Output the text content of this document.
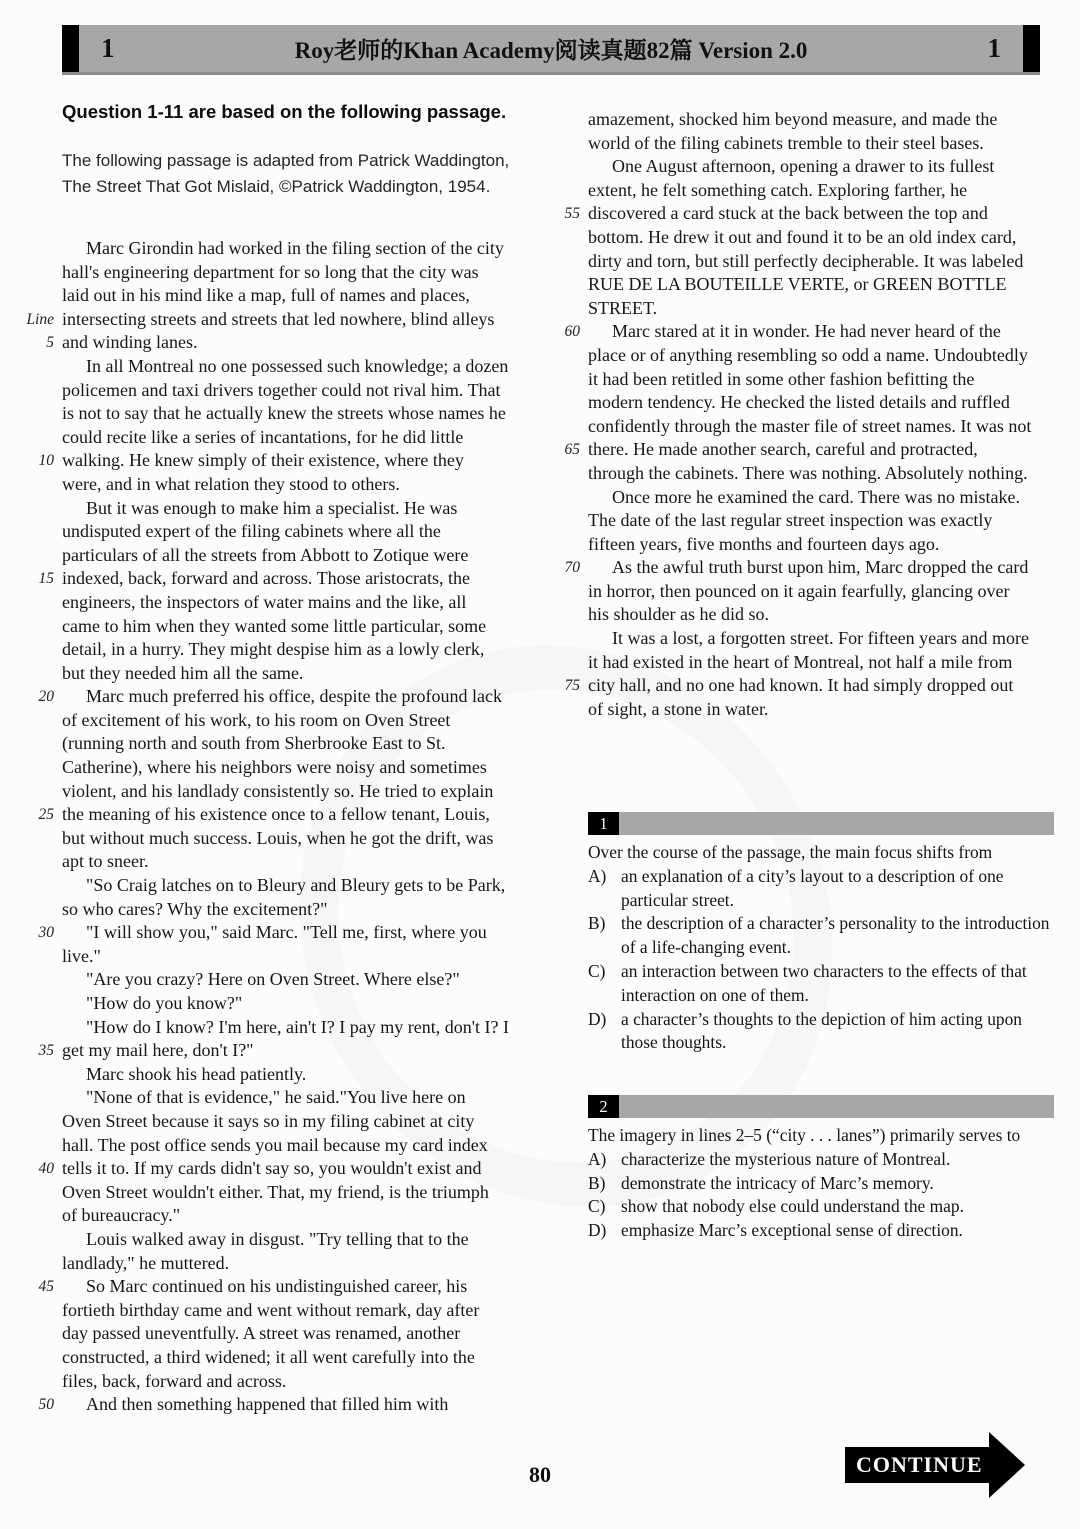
1	Roy老师的Khan Academy阅读真题82篇 Version 2.0	1
Question 1-11 are based on the following passage.

The following passage is adapted from Patrick Waddington, The Street That Got Mislaid, ©Patrick Waddington, 1954.

Marc Girondin had worked in the filing section of the city
hall's engineering department for so long that the city was
laid out in his mind like a map, full of names and places,
Line intersecting streets and streets that led nowhere, blind alleys
5 and winding lanes.
In all Montreal no one possessed such knowledge; a dozen
policemen and taxi drivers together could not rival him. That
is not to say that he actually knew the streets whose names he
could recite like a series of incantations, for he did little
10 walking. He knew simply of their existence, where they
were, and in what relation they stood to others.
But it was enough to make him a specialist. He was
undisputed expert of the filing cabinets where all the
particulars of all the streets from Abbott to Zotique were
15 indexed, back, forward and across. Those aristocrats, the
engineers, the inspectors of water mains and the like, all
came to him when they wanted some little particular, some
detail, in a hurry. They might despise him as a lowly clerk,
but they needed him all the same.
20 Marc much preferred his office, despite the profound lack
of excitement of his work, to his room on Oven Street
(running north and south from Sherbrooke East to St.
Catherine), where his neighbors were noisy and sometimes
violent, and his landlady consistently so. He tried to explain
25 the meaning of his existence once to a fellow tenant, Louis,
but without much success. Louis, when he got the drift, was
apt to sneer.
"So Craig latches on to Bleury and Bleury gets to be Park,
so who cares? Why the excitement?"
30 "I will show you," said Marc. "Tell me, first, where you
live."
"Are you crazy? Here on Oven Street. Where else?"
"How do you know?"
"How do I know? I'm here, ain't I? I pay my rent, don't I? I
35 get my mail here, don't I?"
Marc shook his head patiently.
"None of that is evidence," he said."You live here on
Oven Street because it says so in my filing cabinet at city
hall. The post office sends you mail because my card index
40 tells it to. If my cards didn't say so, you wouldn't exist and
Oven Street wouldn't either. That, my friend, is the triumph
of bureaucracy."
Louis walked away in disgust. "Try telling that to the
landlady," he muttered.
45 So Marc continued on his undistinguished career, his
fortieth birthday came and went without remark, day after
day passed uneventfully. A street was renamed, another
constructed, a third widened; it all went carefully into the
files, back, forward and across.
50 And then something happened that filled him with
amazement, shocked him beyond measure, and made the
world of the filing cabinets tremble to their steel bases.
One August afternoon, opening a drawer to its fullest
extent, he felt something catch. Exploring farther, he
55 discovered a card stuck at the back between the top and
bottom. He drew it out and found it to be an old index card,
dirty and torn, but still perfectly decipherable. It was labeled
RUE DE LA BOUTEILLE VERTE, or GREEN BOTTLE
STREET.
60 Marc stared at it in wonder. He had never heard of the
place or of anything resembling so odd a name. Undoubtedly
it had been retitled in some other fashion befitting the
modern tendency. He checked the listed details and ruffled
confidently through the master file of street names. It was not
65 there. He made another search, careful and protracted,
through the cabinets. There was nothing. Absolutely nothing.
Once more he examined the card. There was no mistake.
The date of the last regular street inspection was exactly
fifteen years, five months and fourteen days ago.
70 As the awful truth burst upon him, Marc dropped the card
in horror, then pounced on it again fearfully, glancing over
his shoulder as he did so.
It was a lost, a forgotten street. For fifteen years and more
it had existed in the heart of Montreal, not half a mile from
75 city hall, and no one had known. It had simply dropped out
of sight, a stone in water.
1

Over the course of the passage, the main focus shifts from

A) an explanation of a city’s layout to a description of one particular street.
B) the description of a character’s personality to the introduction of a life-changing event.
C) an interaction between two characters to the effects of that interaction on one of them.
D) a character’s thoughts to the depiction of him acting upon those thoughts.
2

The imagery in lines 2–5 (“city . . . lanes”) primarily serves to

A) characterize the mysterious nature of Montreal.
B) demonstrate the intricacy of Marc’s memory.
C) show that nobody else could understand the map.
D) emphasize Marc’s exceptional sense of direction.
80	CONTINUE
